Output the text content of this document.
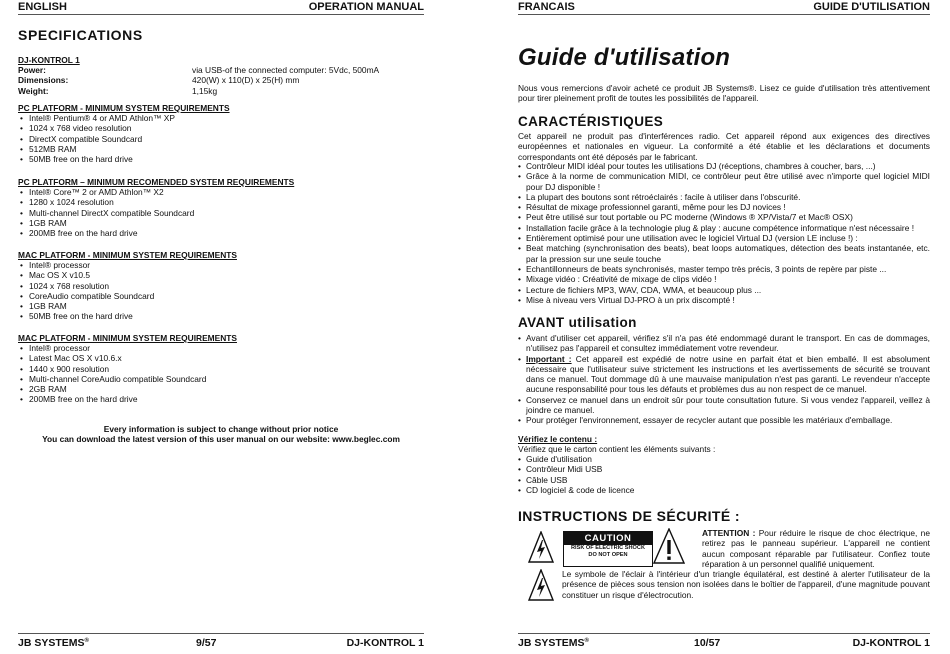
ENGLISH	OPERATION MANUAL
SPECIFICATIONS
DJ-KONTROL 1
Power:	via USB-of the connected computer: 5Vdc, 500mA
Dimensions:	420(W) x 110(D) x 25(H) mm
Weight:	1,15kg
PC PLATFORM - MINIMUM SYSTEM REQUIREMENTS
• Intel® Pentium® 4 or AMD Athlon™ XP
• 1024 x 768 video resolution
• DirectX compatible Soundcard
• 512MB RAM
• 50MB free on the hard drive
PC PLATFORM – MINIMUM RECOMENDED SYSTEM REQUIREMENTS
• Intel® Core™ 2 or AMD Athlon™ X2
• 1280 x 1024 resolution
• Multi-channel DirectX compatible Soundcard
• 1GB RAM
• 200MB free on the hard drive
MAC PLATFORM - MINIMUM SYSTEM REQUIREMENTS
• Intel® processor
• Mac OS X v10.5
• 1024 x 768 resolution
• CoreAudio compatible Soundcard
• 1GB RAM
• 50MB free on the hard drive
MAC PLATFORM - MINIMUM SYSTEM REQUIREMENTS
• Intel® processor
• Latest Mac OS X v10.6.x
• 1440 x 900 resolution
• Multi-channel CoreAudio compatible Soundcard
• 2GB RAM
• 200MB free on the hard drive
Every information is subject to change without prior notice
You can download the latest version of this user manual on our website: www.beglec.com
JB SYSTEMS®	9/57	DJ-KONTROL 1
FRANCAIS	GUIDE D'UTILISATION
Guide d'utilisation
Nous vous remercions d'avoir acheté ce produit JB Systems®. Lisez ce guide d'utilisation très attentivement pour tirer pleinement profit de toutes les possibilités de l'appareil.
CARACTÉRISTIQUES
Cet appareil ne produit pas d'interférences radio. Cet appareil répond aux exigences des directives européennes et nationales en vigueur. La conformité a été établie et les déclarations et documents correspondants ont été déposés par le fabricant.
• Contrôleur MIDI idéal pour toutes les utilisations DJ (réceptions, chambres à coucher, bars, ...)
• Grâce à la norme de communication MIDI, ce contrôleur peut être utilisé avec n'importe quel logiciel MIDI pour DJ disponible !
• La plupart des boutons sont rétroéclairés : facile à utiliser dans l'obscurité.
• Résultat de mixage professionnel garanti, même pour les DJ novices !
• Peut être utilisé sur tout portable ou PC moderne (Windows ® XP/Vista/7 et Mac® OSX)
• Installation facile grâce à la technologie plug & play : aucune compétence informatique n'est nécessaire !
• Entièrement optimisé pour une utilisation avec le logiciel Virtual DJ (version LE incluse !) :
• Beat matching (synchronisation des beats), beat loops automatiques, détection des beats instantanée, etc. par la pression sur une seule touche
• Echantillonneurs de beats synchronisés, master tempo très précis, 3 points de repère par piste ...
• Mixage vidéo : Créativité de mixage de clips vidéo !
• Lecture de fichiers MP3, WAV, CDA, WMA, et beaucoup plus ...
• Mise à niveau vers Virtual DJ-PRO à un prix discompté !
AVANT utilisation
• Avant d'utiliser cet appareil, vérifiez s'il n'a pas été endommagé durant le transport. En cas de dommages, n'utilisez pas l'appareil et consultez immédiatement votre revendeur.
• Important : Cet appareil est expédié de notre usine en parfait état et bien emballé. Il est absolument nécessaire que l'utilisateur suive strictement les instructions et les avertissements de sécurité se trouvant dans ce manuel. Tout dommage dû à une mauvaise manipulation n'est pas garanti. Le revendeur n'accepte aucune responsabilité pour tous les défauts et problèmes dus au non respect de ce manuel.
• Conservez ce manuel dans un endroit sûr pour toute consultation future. Si vous vendez l'appareil, veillez à joindre ce manuel.
• Pour protéger l'environnement, essayer de recycler autant que possible les matériaux d'emballage.
Vérifiez le contenu :
Vérifiez que le carton contient les éléments suivants :
• Guide d'utilisation
• Contrôleur Midi USB
• Câble USB
• CD logiciel & code de licence
INSTRUCTIONS DE SÉCURITÉ :
CAUTION
RISK OF ELECTRIC SHOCK
DO NOT OPEN
ATTENTION : Pour réduire le risque de choc électrique, ne retirez pas le panneau supérieur. L'appareil ne contient aucun composant réparable par l'utilisateur. Confiez toute réparation à un personnel qualifié uniquement.
Le symbole de l'éclair à l'intérieur d'un triangle équilatéral, est destiné à alerter l'utilisateur de la présence de pièces sous tension non isolées dans le boîtier de l'appareil, d'une magnitude pouvant constituer un risque d'électrocution.
JB SYSTEMS®	10/57	DJ-KONTROL 1
